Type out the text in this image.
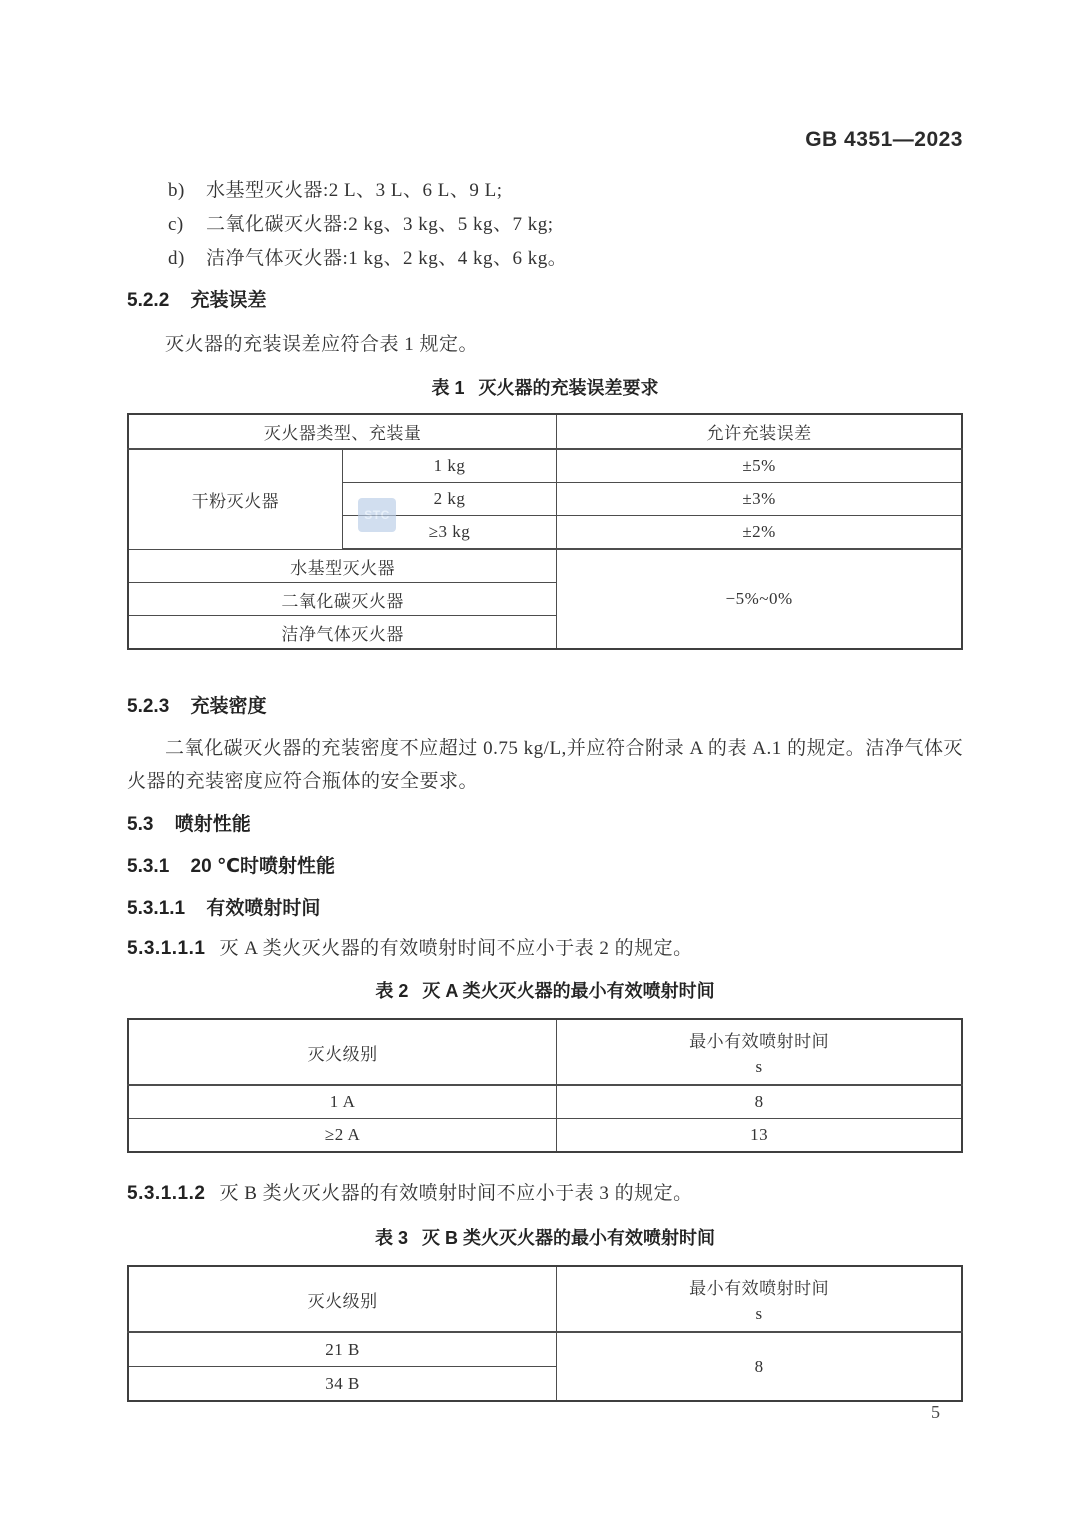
GB 4351—2023
b)	水基型灭火器:2 L、3 L、6 L、9 L;
c)	二氧化碳灭火器:2 kg、3 kg、5 kg、7 kg;
d)	洁净气体灭火器:1 kg、2 kg、4 kg、6 kg。
5.2.2 充装误差
灭火器的充装误差应符合表 1 规定。
表 1 灭火器的充装误差要求
灭火器类型、充装量		允许充装误差
干粉灭火器	1 kg	±5%
	2 kg	±3%
	≥3 kg	±2%
水基型灭火器		−5%~0%
二氧化碳灭火器		
洁净气体灭火器		
5.2.3 充装密度
二氧化碳灭火器的充装密度不应超过 0.75 kg/L,并应符合附录 A 的表 A.1 的规定。洁净气体灭火器的充装密度应符合瓶体的安全要求。
5.3 喷射性能
5.3.1 20 ℃时喷射性能
5.3.1.1 有效喷射时间
5.3.1.1.1 灭 A 类火灭火器的有效喷射时间不应小于表 2 的规定。
表 2 灭 A 类火灭火器的最小有效喷射时间
灭火级别	最小有效喷射时间
s

1 A	8
≥2 A	13
5.3.1.1.2 灭 B 类火灭火器的有效喷射时间不应小于表 3 的规定。
表 3 灭 B 类火灭火器的最小有效喷射时间
灭火级别	最小有效喷射时间
s

21 B	8
34 B	
STC
5
